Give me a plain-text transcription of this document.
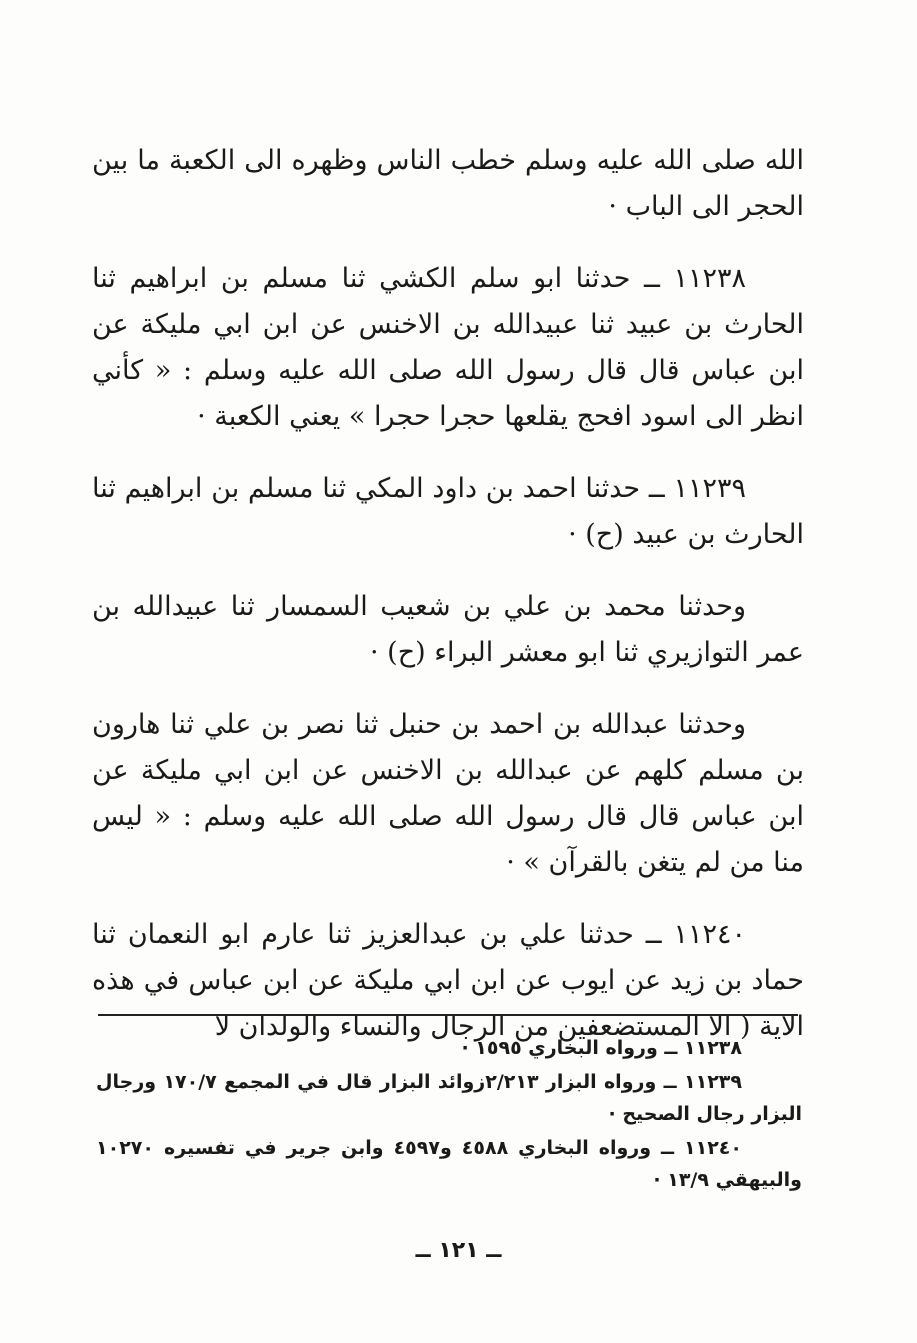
الله صلى الله عليه وسلم خطب الناس وظهره الى الكعبة ما بين الحجر الى الباب ·

١١٢٣٨ ــ حدثنا ابو سلم الكشي ثنا مسلم بن ابراهيم ثنا الحارث بن عبيد ثنا عبيدالله بن الاخنس عن ابن ابي مليكة عن ابن عباس قال قال رسول الله صلى الله عليه وسلم : « كأني انظر الى اسود افحج يقلعها حجرا حجرا » يعني الكعبة ·

١١٢٣٩ ــ حدثنا احمد بن داود المكي ثنا مسلم بن ابراهيم ثنا الحارث بن عبيد (ح) ·

وحدثنا محمد بن علي بن شعيب السمسار ثنا عبيدالله بن عمر التوازيري ثنا ابو معشر البراء (ح) ·

وحدثنا عبدالله بن احمد بن حنبل ثنا نصر بن علي ثنا هارون بن مسلم كلهم عن عبدالله بن الاخنس عن ابن ابي مليكة عن ابن عباس قال قال رسول الله صلى الله عليه وسلم : « ليس منا من لم يتغن بالقرآن » ·

١١٢٤٠ ــ حدثنا علي بن عبدالعزيز ثنا عارم ابو النعمان ثنا حماد بن زيد عن ايوب عن ابن ابي مليكة عن ابن عباس في هذه الاية ( الا المستضعفين من الرجال والنساء والولدان لا

١١٢٣٨ ــ ورواه البخاري ١٥٩٥ ·

١١٢٣٩ ــ ورواه البزار ٢/٢١٣زوائد البزار قال في المجمع ١٧٠/٧ ورجال البزار رجال الصحيح ·

١١٢٤٠ ــ ورواه البخاري ٤٥٨٨ و٤٥٩٧ وابن جرير في تفسيره ١٠٢٧٠ والبيهقي ١٣/٩ ·

ــ ١٢١ ــ
